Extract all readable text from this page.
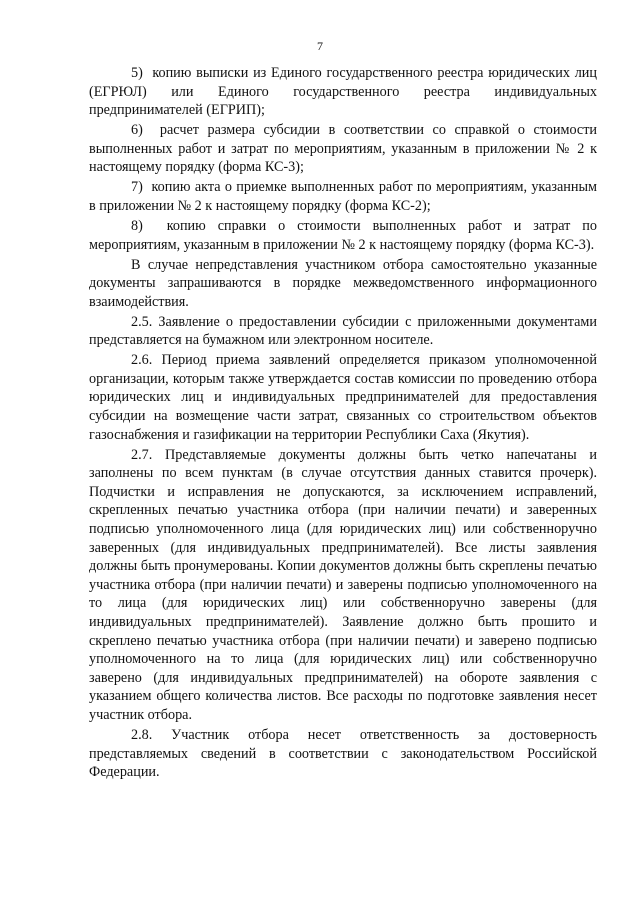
7

5)  копию выписки из Единого государственного реестра юридических лиц (ЕГРЮЛ) или Единого государственного реестра индивидуальных предпринимателей (ЕГРИП);

6)  расчет размера субсидии в соответствии со справкой о стоимости выполненных работ и затрат по мероприятиям, указанным в приложении № 2 к настоящему порядку (форма КС-3);

7)  копию акта о приемке выполненных работ по мероприятиям, указанным в приложении № 2 к настоящему порядку (форма КС-2);

8)  копию справки о стоимости выполненных работ и затрат по мероприятиям, указанным в приложении № 2 к настоящему порядку (форма КС-3).

В случае непредставления участником отбора самостоятельно указанные документы запрашиваются в порядке межведомственного информационного взаимодействия.

2.5. Заявление о предоставлении субсидии с приложенными документами представляется на бумажном или электронном носителе.

2.6. Период приема заявлений определяется приказом уполномоченной организации, которым также утверждается состав комиссии по проведению отбора юридических лиц и индивидуальных предпринимателей для предоставления субсидии на возмещение части затрат, связанных со строительством объектов газоснабжения и газификации на территории Республики Саха (Якутия).

2.7. Представляемые документы должны быть четко напечатаны и заполнены по всем пунктам (в случае отсутствия данных ставится прочерк). Подчистки и исправления не допускаются, за исключением исправлений, скрепленных печатью участника отбора (при наличии печати) и заверенных подписью уполномоченного лица (для юридических лиц) или собственноручно заверенных (для индивидуальных предпринимателей). Все листы заявления должны быть пронумерованы. Копии документов должны быть скреплены печатью участника отбора (при наличии печати) и заверены подписью уполномоченного на то лица (для юридических лиц) или собственноручно заверены (для индивидуальных предпринимателей). Заявление должно быть прошито и скреплено печатью участника отбора (при наличии печати) и заверено подписью уполномоченного на то лица (для юридических лиц) или собственноручно заверено (для индивидуальных предпринимателей) на обороте заявления с указанием общего количества листов. Все расходы по подготовке заявления несет участник отбора.

2.8. Участник отбора несет ответственность за достоверность представляемых сведений в соответствии с законодательством Российской Федерации.
